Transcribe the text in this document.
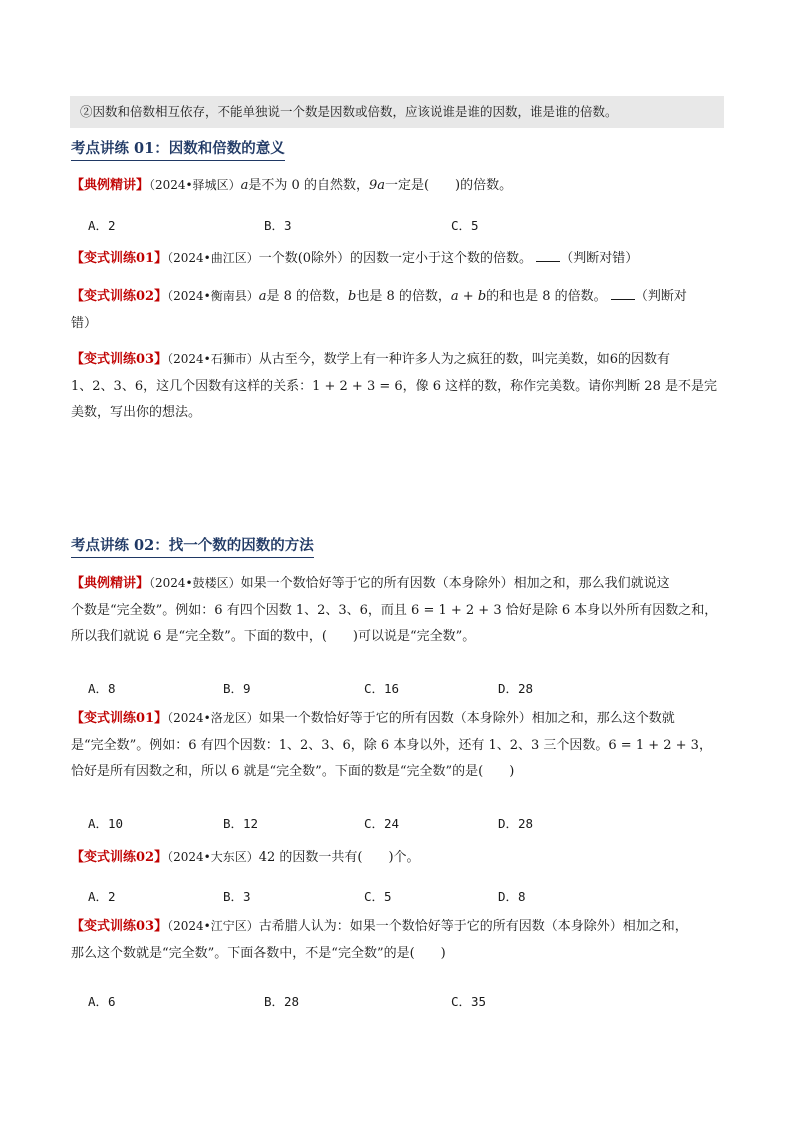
②因数和倍数相互依存，不能单独说一个数是因数或倍数，应该说谁是谁的因数，谁是谁的倍数。
考点讲练 01：因数和倍数的意义
【典例精讲】（2024•驿城区）a是不为 0 的自然数，9a一定是(　　)的倍数。
A．2	B．3	C．5
【变式训练01】（2024•曲江区）一个数(0除外）的因数一定小于这个数的倍数。 （判断对错）
【变式训练02】（2024•衡南县）a是 8 的倍数，b也是 8 的倍数，a + b的和也是 8 的倍数。 （判断对
错）
【变式训练03】（2024•石狮市）从古至今，数学上有一种许多人为之疯狂的数，叫完美数，如6的因数有
1、2、3、6，这几个因数有这样的关系：1 + 2 + 3 = 6，像 6 这样的数，称作完美数。请你判断 28 是不是完
美数，写出你的想法。
考点讲练 02：找一个数的因数的方法
【典例精讲】（2024•鼓楼区）如果一个数恰好等于它的所有因数（本身除外）相加之和，那么我们就说这
个数是“完全数”。例如：6 有四个因数 1、2、3、6，而且 6 = 1 + 2 + 3 恰好是除 6 本身以外所有因数之和，
所以我们就说 6 是“完全数”。下面的数中，(　　)可以说是“完全数”。
A．8	B．9	C．16	D．28
【变式训练01】（2024•洛龙区）如果一个数恰好等于它的所有因数（本身除外）相加之和，那么这个数就
是“完全数”。例如：6 有四个因数：1、2、3、6，除 6 本身以外，还有 1、2、3 三个因数。6 = 1 + 2 + 3，
恰好是所有因数之和，所以 6 就是“完全数”。下面的数是“完全数”的是(　　)
A．10	B．12	C．24	D．28
【变式训练02】（2024•大东区）42 的因数一共有(　　)个。
A．2	B．3	C．5	D．8
【变式训练03】（2024•江宁区）古希腊人认为：如果一个数恰好等于它的所有因数（本身除外）相加之和，
那么这个数就是“完全数”。下面各数中，不是“完全数”的是(　　)
A．6	B．28	C．35
